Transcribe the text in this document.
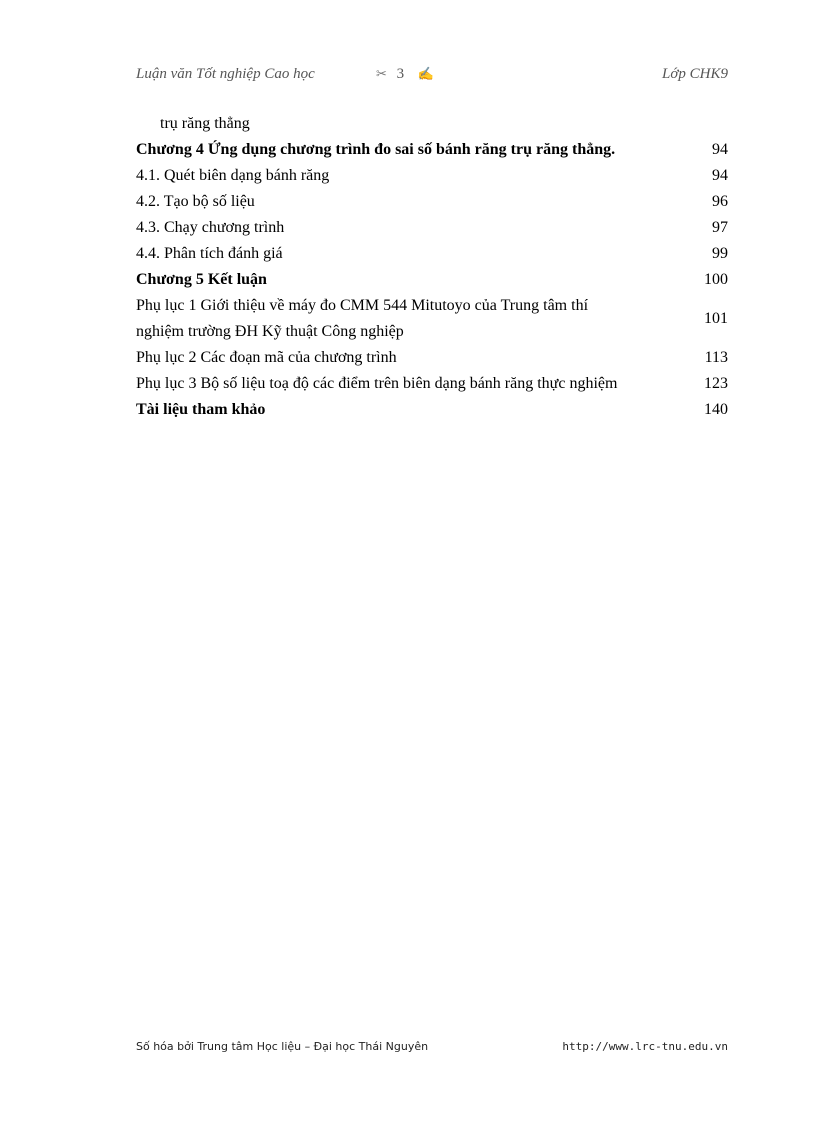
Luận văn Tốt nghiệp Cao học	✂ 3 ✍	Lớp CHK9
trụ răng thẳng
Chương 4 Ứng dụng chương trình đo sai số bánh răng trụ răng thẳng.	94
4.1. Quét biên dạng bánh răng	94
4.2. Tạo bộ số liệu	96
4.3. Chạy chương trình	97
4.4. Phân tích đánh giá	99
Chương 5 Kết luận	100
Phụ lục 1 Giới thiệu về máy đo CMM 544 Mitutoyo của Trung tâm thí
nghiệm trường ĐH Kỹ thuật Công nghiệp
101
Phụ lục 2 Các đoạn mã của chương trình	113
Phụ lục 3 Bộ số liệu toạ độ các điểm trên biên dạng bánh răng thực nghiệm	123
Tài liệu tham khảo	140
Số hóa bởi Trung tâm Học liệu – Đại học Thái Nguyên	http://www.lrc-tnu.edu.vn
